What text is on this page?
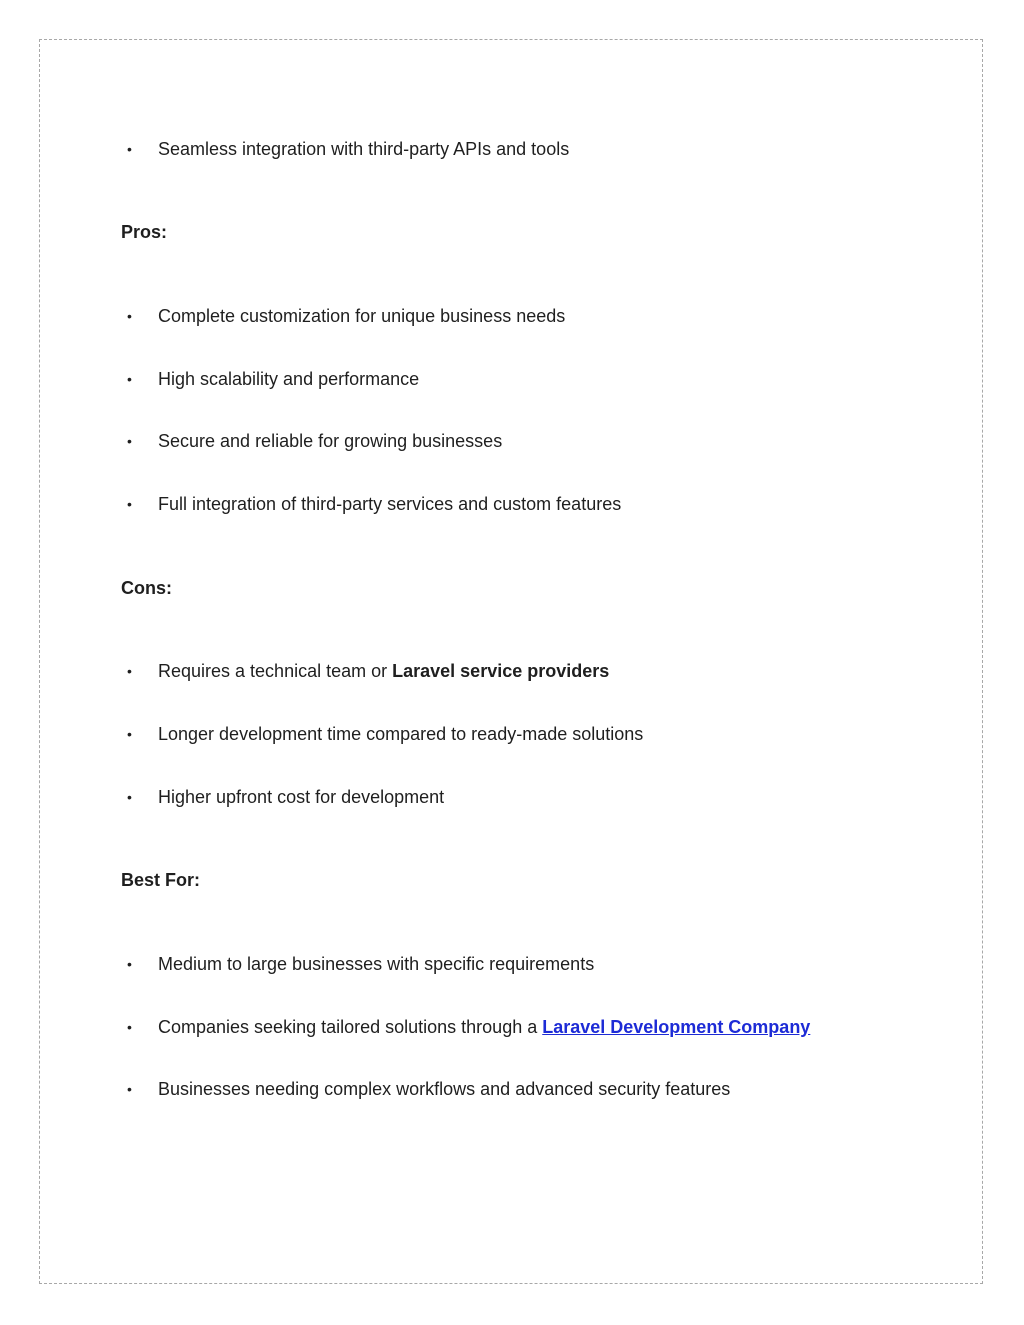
•	Seamless integration with third-party APIs and tools
Pros:
•	Complete customization for unique business needs
•	High scalability and performance
•	Secure and reliable for growing businesses
•	Full integration of third-party services and custom features
Cons:
•	Requires a technical team or Laravel service providers
•	Longer development time compared to ready-made solutions
•	Higher upfront cost for development
Best For:
•	Medium to large businesses with specific requirements
•	Companies seeking tailored solutions through a Laravel Development Company
•	Businesses needing complex workflows and advanced security features
